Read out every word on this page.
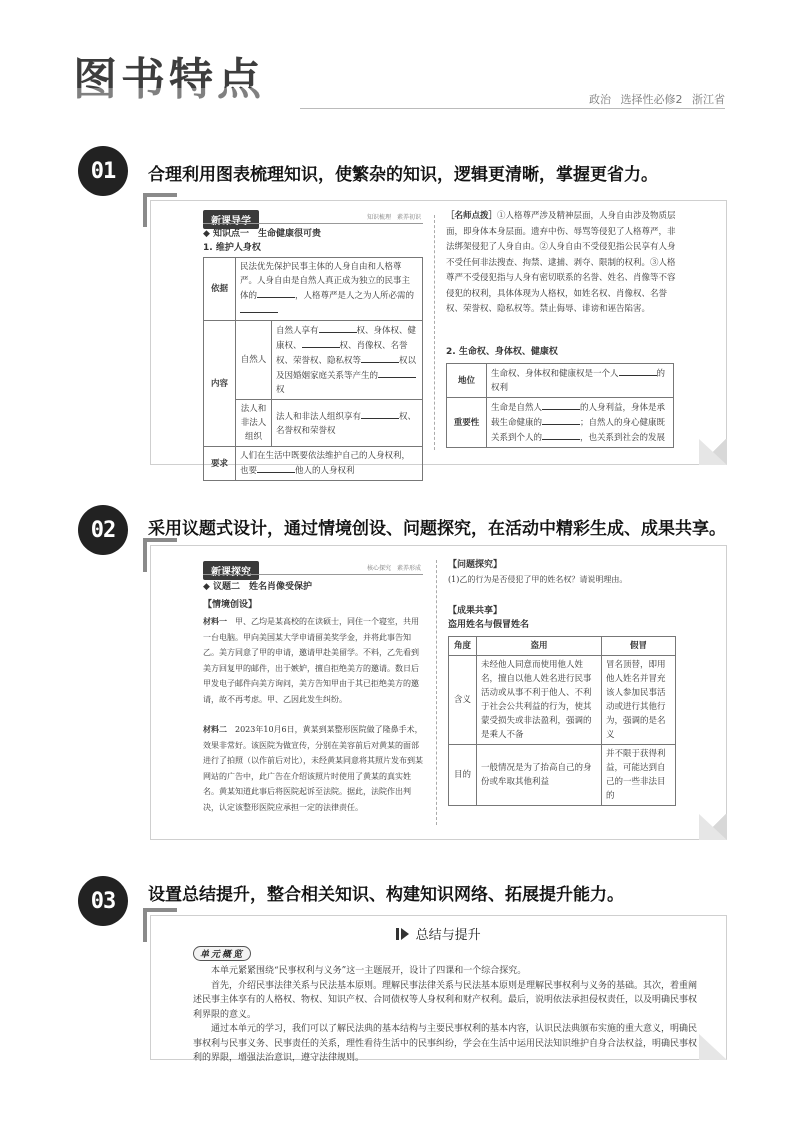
图书特点	政治 选择性必修2 浙江省
01	合理利用图表梳理知识，使繁杂的知识，逻辑更清晰，掌握更省力。
新课导学	知识梳理　素养初识
◆ 知识点一　生命健康很可贵
1. 维护人身权
依据	民法优先保护民事主体的人身自由和人格尊严。人身自由是自然人真正成为独立的民事主体的 ，人格尊严是人之为人所必需的	
内容	自然人	自然人享有 权、身体权、健康权、 权、肖像权、名誉权、荣誉权、隐私权等 权以及因婚姻家庭关系等产生的权
	法人和非法人组织	法人和非法人组织享有 权、名誉权和荣誉权
要求	人们在生活中既要依法维护自己的人身权利，也要 他人的人身权利	
［名师点拨］①人格尊严涉及精神层面，人身自由涉及物质层面，即身体本身层面。遗弃中伤、辱骂等侵犯了人格尊严，非法绑架侵犯了人身自由。②人身自由不受侵犯指公民享有人身不受任何非法搜查、拘禁、逮捕、剥夺、限制的权利。③人格尊严不受侵犯指与人身有密切联系的名誉、姓名、肖像等不容侵犯的权利，具体体现为人格权，如姓名权、肖像权、名誉权、荣誉权、隐私权等。禁止侮辱、诽谤和诬告陷害。
2. 生命权、身体权、健康权
地位	生命权、身体权和健康权是一个人 的权利
重要性	生命是自然人 的人身利益，身体是承载生命健康的 ；自然人的身心健康既关系到个人的 ，也关系到社会的发展
02	采用议题式设计，通过情境创设、问题探究，在活动中精彩生成、成果共享。
新课探究	核心探究　素养形成
◆ 议题二　姓名肖像受保护
【情境创设】
材料一　 甲、乙均是某高校的在读硕士，同住一个寝室，共用一台电脑。甲向美国某大学申请留美奖学金，并将此事告知乙。美方同意了甲的申请，邀请甲赴美留学。不料，乙先看到美方回复甲的邮件，出于嫉妒，擅自拒绝美方的邀请。数日后甲发电子邮件向美方询问，美方告知甲由于其已拒绝美方的邀请，故不再考虑。甲、乙因此发生纠纷。
材料二　 2023年10月6日，黄某到某整形医院做了隆鼻手术，效果非常好。该医院为做宣传，分别在美容前后对黄某的面部进行了拍照（以作前后对比），未经黄某同意将其照片发布到某网站的广告中，此广告在介绍该照片时使用了黄某的真实姓名。黄某知道此事后将医院起诉至法院。据此，法院作出判决，认定该整形医院应承担一定的法律责任。
【问题探究】
(1)乙的行为是否侵犯了甲的姓名权？请说明理由。
【成果共享】
盗用姓名与假冒姓名
角度	盗用	假冒
含义	未经他人同意而使用他人姓名，擅自以他人姓名进行民事活动或从事不利于他人、不利于社会公共利益的行为，使其蒙受损失或非法盈利，强调的是乘人不备	冒名顶替，即用他人姓名并冒充该人参加民事活动或进行其他行为，强调的是名义
目的	一般情况是为了抬高自己的身份或牟取其他利益	并不限于获得利益，可能达到自己的一些非法目的
03	设置总结提升，整合相关知识、构建知识网络、拓展提升能力。
总结与提升
单元概览

本单元紧紧围绕“民事权利与义务”这一主题展开，设计了四课和一个综合探究。

首先，介绍民事法律关系与民法基本原则。理解民事法律关系与民法基本原则是理解民事权利与义务的基础。其次，着重阐述民事主体享有的人格权、物权、知识产权、合同债权等人身权利和财产权利。最后，说明依法承担侵权责任，以及明确民事权利界限的意义。

通过本单元的学习，我们可以了解民法典的基本结构与主要民事权利的基本内容，认识民法典颁布实施的重大意义，明确民事权利与民事义务、民事责任的关系，理性看待生活中的民事纠纷，学会在生活中运用民法知识维护自身合法权益，明确民事权利的界限，增强法治意识，遵守法律规则。
